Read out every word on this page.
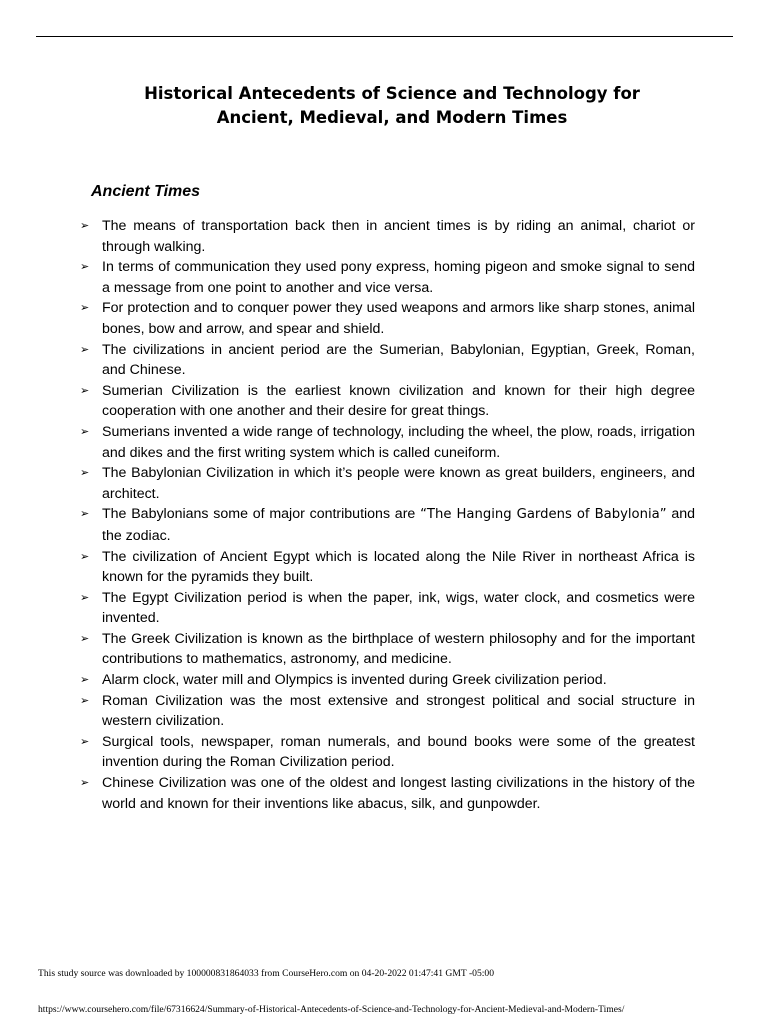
Historical Antecedents of Science and Technology for
Ancient, Medieval, and Modern Times
Ancient Times
➢ The means of transportation back then in ancient times is by riding an animal, chariot or through walking.
➢ In terms of communication they used pony express, homing pigeon and smoke signal to send a message from one point to another and vice versa.
➢ For protection and to conquer power they used weapons and armors like sharp stones, animal bones, bow and arrow, and spear and shield.
➢ The civilizations in ancient period are the Sumerian, Babylonian, Egyptian, Greek, Roman, and Chinese.
➢ Sumerian Civilization is the earliest known civilization and known for their high degree cooperation with one another and their desire for great things.
➢ Sumerians invented a wide range of technology, including the wheel, the plow, roads, irrigation and dikes and the first writing system which is called cuneiform.
➢ The Babylonian Civilization in which it’s people were known as great builders, engineers, and architect.
➢ The Babylonians some of major contributions are “The Hanging Gardens of Babylonia” and the zodiac.
➢ The civilization of Ancient Egypt which is located along the Nile River in northeast Africa is known for the pyramids they built.
➢ The Egypt Civilization period is when the paper, ink, wigs, water clock, and cosmetics were invented.
➢ The Greek Civilization is known as the birthplace of western philosophy and for the important contributions to mathematics, astronomy, and medicine.
➢ Alarm clock, water mill and Olympics is invented during Greek civilization period.
➢ Roman Civilization was the most extensive and strongest political and social structure in western civilization.
➢ Surgical tools, newspaper, roman numerals, and bound books were some of the greatest invention during the Roman Civilization period.
➢ Chinese Civilization was one of the oldest and longest lasting civilizations in the history of the world and known for their inventions like abacus, silk, and gunpowder.

This study source was downloaded by 100000831864033 from CourseHero.com on 04-20-2022 01:47:41 GMT -05:00

https://www.coursehero.com/file/67316624/Summary-of-Historical-Antecedents-of-Science-and-Technology-for-Ancient-Medieval-and-Modern-Times/
